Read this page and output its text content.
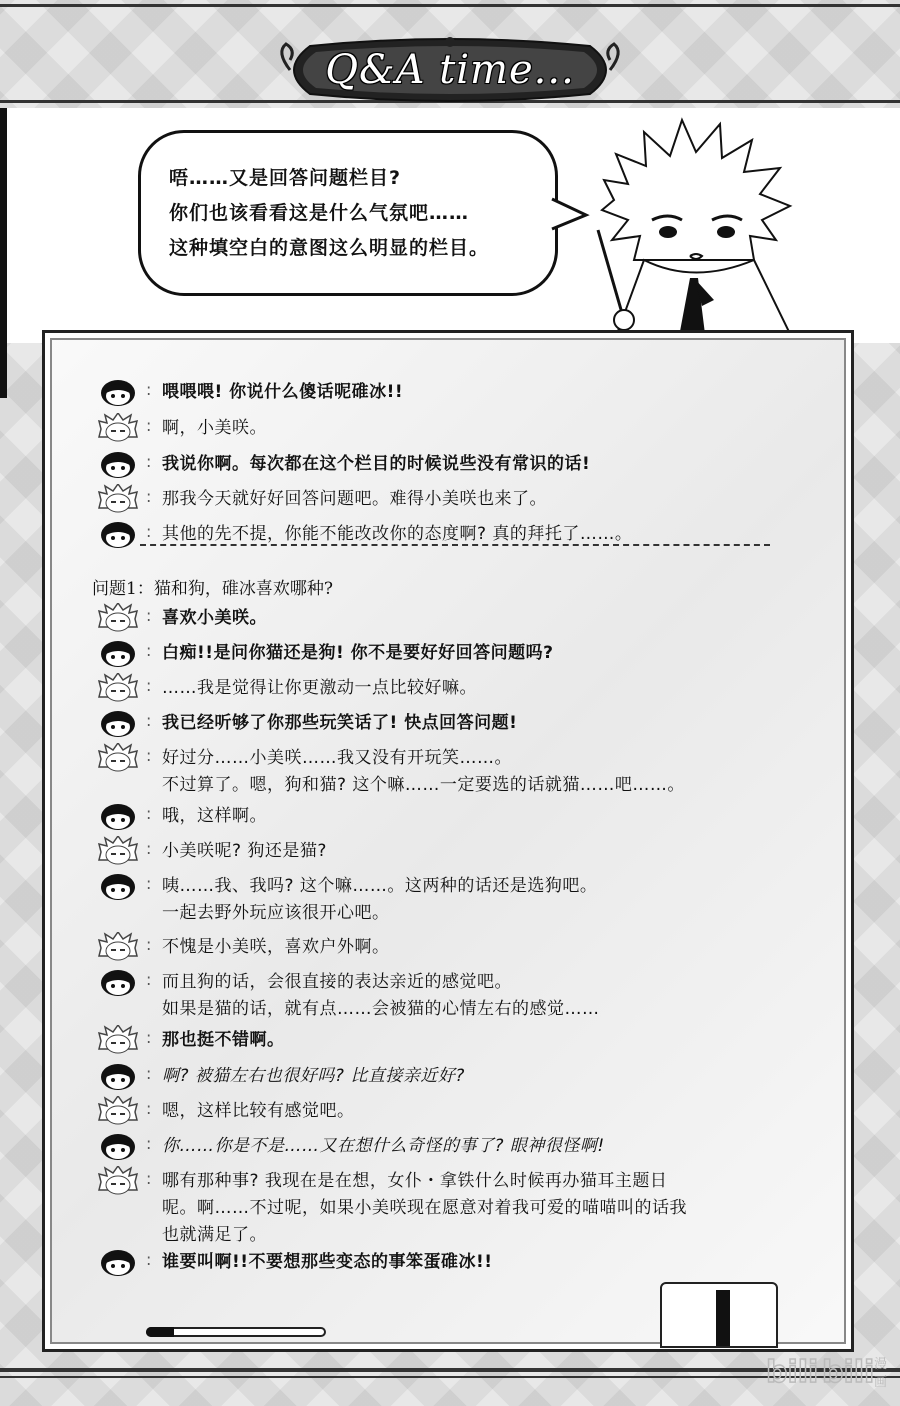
Q&A time...

唔……又是回答问题栏目?

你们也该看看这是什么气氛吧……

这种填空白的意图这么明显的栏目。

: 喂喂喂! 你说什么傻话呢碓冰!!
: 啊，小美咲。
: 我说你啊。每次都在这个栏目的时候说些没有常识的话!
: 那我今天就好好回答问题吧。难得小美咲也来了。
: 其他的先不提，你能不能改改你的态度啊? 真的拜托了……。
问题1：猫和狗，碓冰喜欢哪种?
: 喜欢小美咲。
: 白痴!!是问你猫还是狗! 你不是要好好回答问题吗?
: ……我是觉得让你更激动一点比较好嘛。
: 我已经听够了你那些玩笑话了! 快点回答问题!
: 好过分……小美咲……我又没有开玩笑……。
不过算了。嗯，狗和猫? 这个嘛……一定要选的话就猫……吧……。
: 哦，这样啊。
: 小美咲呢? 狗还是猫?
: 咦……我、我吗? 这个嘛……。这两种的话还是选狗吧。
一起去野外玩应该很开心吧。
: 不愧是小美咲，喜欢户外啊。
: 而且狗的话，会很直接的表达亲近的感觉吧。
如果是猫的话，就有点……会被猫的心情左右的感觉……
: 那也挺不错啊。
: 啊? 被猫左右也很好吗? 比直接亲近好?
: 嗯，这样比较有感觉吧。
: 你……你是不是……又在想什么奇怪的事了? 眼神很怪啊!
: 哪有那种事? 我现在是在想，女仆・拿铁什么时候再办猫耳主题日
呢。啊……不过呢，如果小美咲现在愿意对着我可爱的喵喵叫的话我
也就满足了。
: 谁要叫啊!!不要想那些变态的事笨蛋碓冰!!
bili bili 漫
画
